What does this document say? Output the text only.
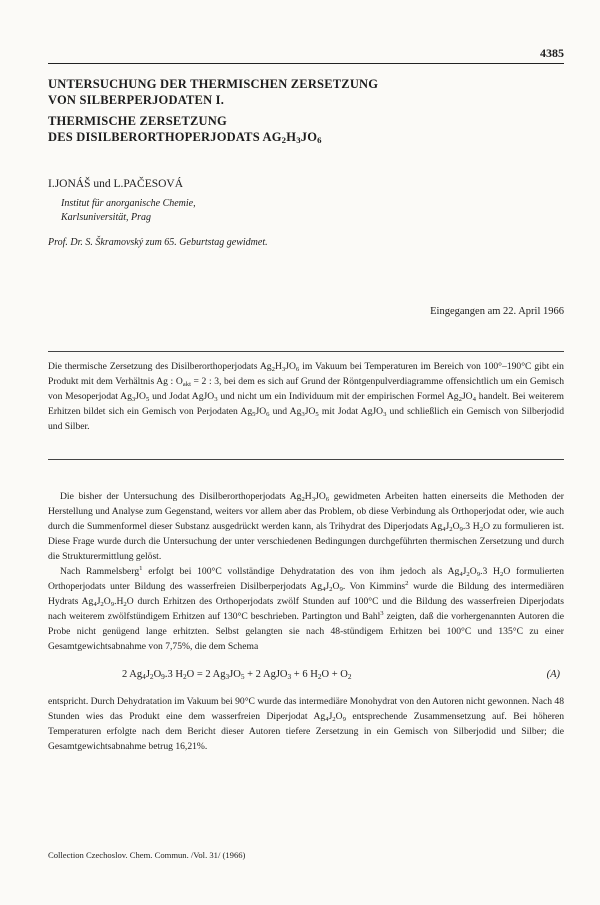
4385
UNTERSUCHUNG DER THERMISCHEN ZERSETZUNG
VON SILBERPERJODATEN I.
THERMISCHE ZERSETZUNG
DES DISILBERORTHOPERJODATS $AG_2H_3JO_6$
I.JONÁŠ und L.PAČESOVÁ
Institut für anorganische Chemie,
Karlsuniversität, Prag
Prof. Dr. S. Škramovský zum 65. Geburtstag gewidmet.
Eingegangen am 22. April 1966
Die thermische Zersetzung des Disilberorthoperjodats $Ag_2H_3JO_6$ im Vakuum bei Temperaturen im Bereich von 100°–190°C gibt ein Produkt mit dem Verhältnis Ag : $O_{akt} = 2$ : 3, bei dem es sich auf Grund der Röntgenpulverdiagramme offensichtlich um ein Gemisch von Mesoperjodat $Ag_3JO_5$ und Jodat AgJO$_3$ und nicht um ein Individuum mit der empirischen Formel $Ag_2JO_4$ handelt. Bei weiterem Erhitzen bildet sich ein Gemisch von Perjodaten $Ag_5JO_6$ und $Ag_3JO_5$ mit Jodat AgJO$_3$ und schließlich ein Gemisch von Silberjodid und Silber.

Die bisher der Untersuchung des Disilberorthoperjodats $Ag_2H_3JO_6$ gewidmeten Arbeiten hatten einerseits die Methoden der Herstellung und Analyse zum Gegenstand, weiters vor allem aber das Problem, ob diese Verbindung als Orthoperjodat oder, wie auch durch die Summenformel dieser Substanz ausgedrückt werden kann, als Trihydrat des Diperjodats $Ag_4J_2O_9.3$ $H_2O$ zu formulieren ist. Diese Frage wurde durch die Untersuchung der unter verschiedenen Bedingungen durchgeführten thermischen Zersetzung und durch die Strukturermittlung gelöst.

Nach Rammelsberg$^1$ erfolgt bei 100°C vollständige Dehydratation des von ihm jedoch als $Ag_4J_2O_9.3$ $H_2O$ formulierten Orthoperjodats unter Bildung des wasserfreien Disilberperjodats $Ag_4J_2O_9$. Von Kimmins$^2$ wurde die Bildung des intermediären Hydrats $Ag_4J_2O_9.H_2O$ durch Erhitzen des Orthoperjodats zwölf Stunden auf 100°C und die Bildung des wasserfreien Diperjodats nach weiterem zwölfstündigem Erhitzen auf 130°C beschrieben. Partington und Bahl$^3$ zeigten, daß die vorhergenannten Autoren die Probe nicht genügend lange erhitzten. Selbst gelangten sie nach 48-stündigem Erhitzen bei 100°C und 135°C zu einer Gesamtgewichtsabnahme von 7,75%, die dem Schema

2 $Ag_4J_2O_9.3$ $H_2O = 2$ $Ag_3JO_5 + 2$ AgJO$_3$ + 6 $H_2O + O_2$	(A)

entspricht. Durch Dehydratation im Vakuum bei 90°C wurde das intermediäre Monohydrat von den Autoren nicht gewonnen. Nach 48 Stunden wies das Produkt eine dem wasserfreien Diperjodat $Ag_4J_2O_9$ entsprechende Zusammensetzung auf. Bei höheren Temperaturen erfolgte nach dem Bericht dieser Autoren tiefere Zersetzung in ein Gemisch von Silberjodid und Silber; die Gesamtgewichtsabnahme betrug 16,21%.

Collection Czechoslov. Chem. Commun. /Vol. 31/ (1966)
